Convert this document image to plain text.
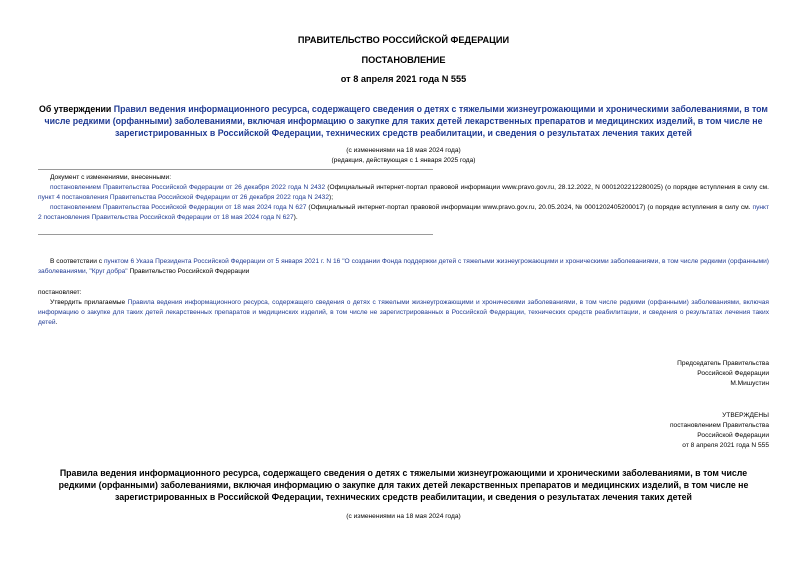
ПРАВИТЕЛЬСТВО РОССИЙСКОЙ ФЕДЕРАЦИИ
ПОСТАНОВЛЕНИЕ
от 8 апреля 2021 года N 555
Об утверждении Правил ведения информационного ресурса, содержащего сведения о детях с тяжелыми жизнеугрожающими и хроническими заболеваниями, в том числе редкими (орфанными) заболеваниями, включая информацию о закупке для таких детей лекарственных препаратов и медицинских изделий, в том числе не зарегистрированных в Российской Федерации, технических средств реабилитации, и сведения о результатах лечения таких детей
(с изменениями на 18 мая 2024 года)
(редакция, действующая с 1 января 2025 года)
Документ с изменениями, внесенными:
постановлением Правительства Российской Федерации от 26 декабря 2022 года N 2432 (Официальный интернет-портал правовой информации www.pravo.gov.ru, 28.12.2022, N 0001202212280025) (о порядке вступления в силу см. пункт 4 постановления Правительства Российской Федерации от 26 декабря 2022 года N 2432);
постановлением Правительства Российской Федерации от 18 мая 2024 года N 627 (Официальный интернет-портал правовой информации www.pravo.gov.ru, 20.05.2024, № 0001202405200017) (о порядке вступления в силу см. пункт 2 постановления Правительства Российской Федерации от 18 мая 2024 года N 627).
В соответствии с пунктом 6 Указа Президента Российской Федерации от 5 января 2021 г. N 16 "О создании Фонда поддержки детей с тяжелыми жизнеугрожающими и хроническими заболеваниями, в том числе редкими (орфанными) заболеваниями, "Круг добра" Правительство Российской Федерации
постановляет:
Утвердить прилагаемые Правила ведения информационного ресурса, содержащего сведения о детях с тяжелыми жизнеугрожающими и хроническими заболеваниями, в том числе редкими (орфанными) заболеваниями, включая информацию о закупке для таких детей лекарственных препаратов и медицинских изделий, в том числе не зарегистрированных в Российской Федерации, технических средств реабилитации, и сведения о результатах лечения таких детей.
Председатель Правительства
Российской Федерации
М.Мишустин
УТВЕРЖДЕНЫ
постановлением Правительства
Российской Федерации
от 8 апреля 2021 года N 555
Правила ведения информационного ресурса, содержащего сведения о детях с тяжелыми жизнеугрожающими и хроническими заболеваниями, в том числе редкими (орфанными) заболеваниями, включая информацию о закупке для таких детей лекарственных препаратов и медицинских изделий, в том числе не зарегистрированных в Российской Федерации, технических средств реабилитации, и сведения о результатах лечения таких детей
(с изменениями на 18 мая 2024 года)
